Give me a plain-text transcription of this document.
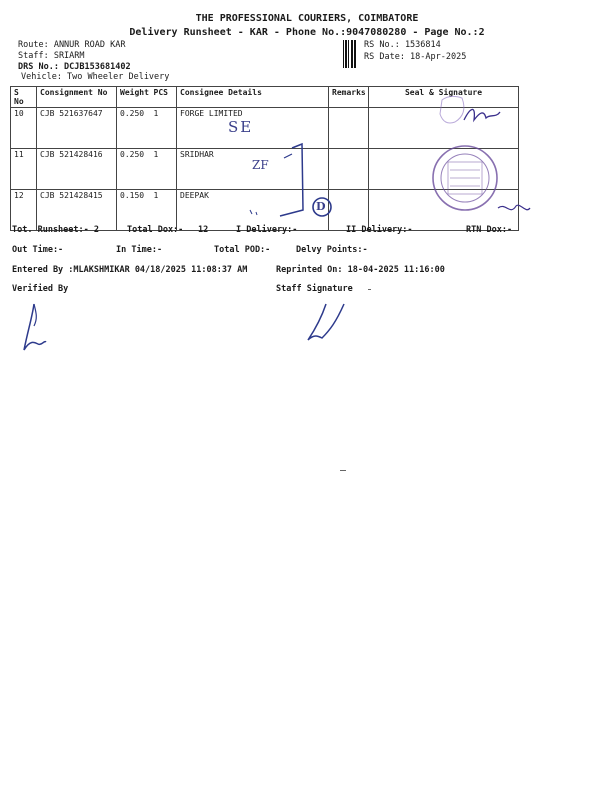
THE PROFESSIONAL COURIERS, COIMBATORE
Delivery Runsheet - KAR - Phone No.:9047080280 - Page No.:2
Route: ANNUR ROAD KAR
Staff: SRIARM
DRS No.: DCJB153681402
Vehicle: Two Wheeler Delivery
RS No.: 1536814
RS Date: 18-Apr-2025
S No	Consignment No	Weight	PCS	Consignee Details	Remarks	Seal & Signature
10	CJB 521637647	0.250	1	FORGE LIMITED		
11	CJB 521428416	0.250	1	SRIDHAR		
12	CJB 521428415	0.150	1	DEEPAK		
SE
ZF
D
Tot. Runsheet:- 2	Total Dox:- 12	I Delivery:-	II Delivery:-	RTN Dox:-
Out Time:-	In Time:-	Total POD:-	Delvy Points:-
Entered By :MLAKSHMIKAR 04/18/2025 11:08:37 AM	Reprinted On: 18-04-2025 11:16:00
Verified By	Staff Signature
